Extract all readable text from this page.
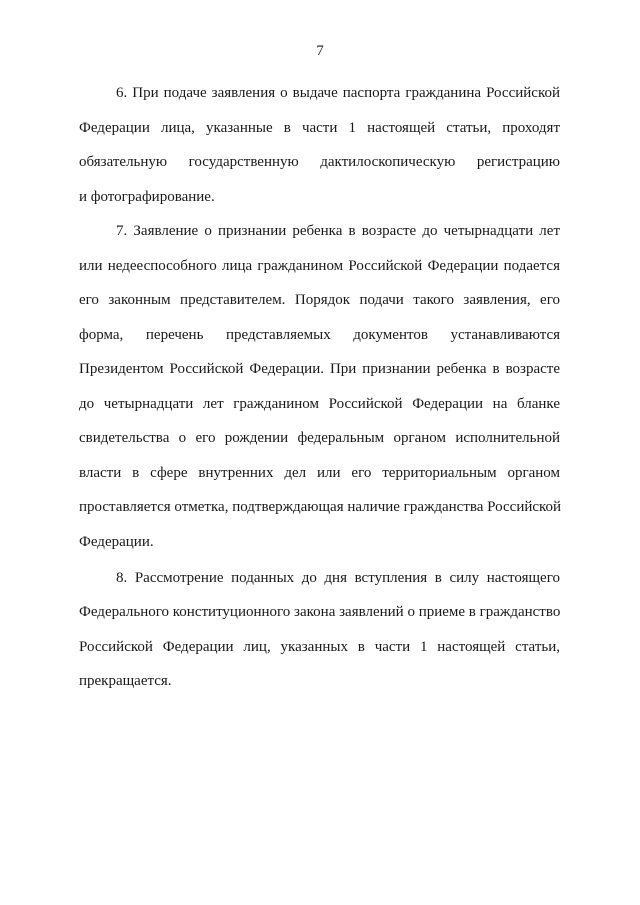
7
6. При подаче заявления о выдаче паспорта гражданина Российской
Федерации лица, указанные в части 1 настоящей статьи, проходят
обязательную государственную дактилоскопическую регистрацию
и фотографирование.
7. Заявление о признании ребенка в возрасте до четырнадцати лет
или недееспособного лица гражданином Российской Федерации подается
его законным представителем. Порядок подачи такого заявления, его
форма, перечень представляемых документов устанавливаются
Президентом Российской Федерации. При признании ребенка в возрасте
до четырнадцати лет гражданином Российской Федерации на бланке
свидетельства о его рождении федеральным органом исполнительной
власти в сфере внутренних дел или его территориальным органом
проставляется отметка, подтверждающая наличие гражданства Российской
Федерации.
8. Рассмотрение поданных до дня вступления в силу настоящего
Федерального конституционного закона заявлений о приеме в гражданство
Российской Федерации лиц, указанных в части 1 настоящей статьи,
прекращается.
